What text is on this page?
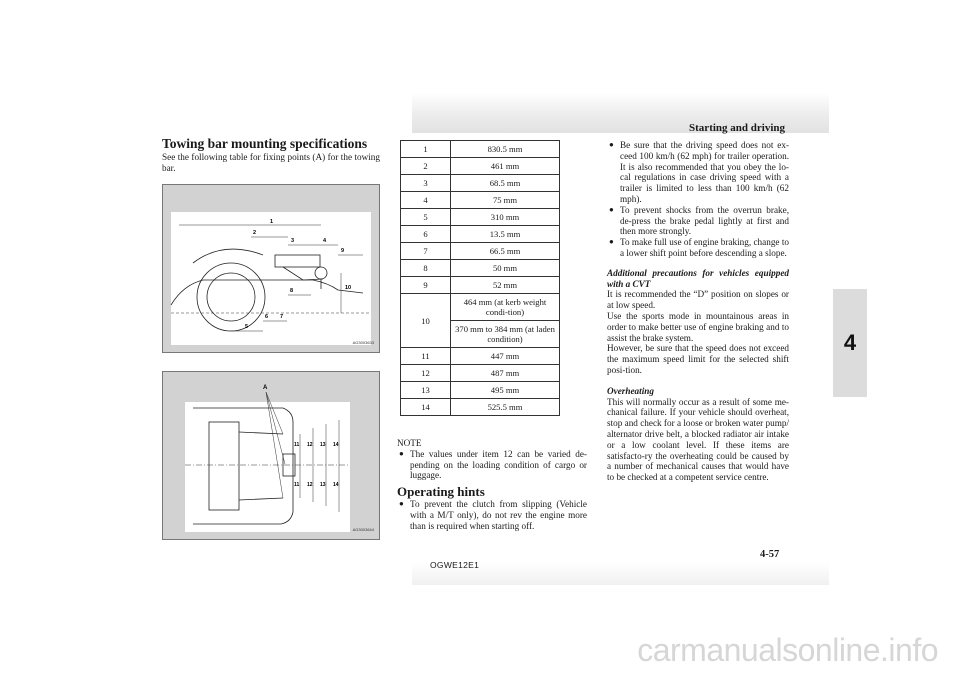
Starting and driving
4
Towing bar mounting specifications

See the following table for fixing points (A) for the towing bar.

1
2
3	4
5
6 7
8
9
10
AG3003633
A
11 12 13 14
11 12 13 14
AG3003644
1	830.5 mm
2	461 mm
3	68.5 mm
4	75 mm
5	310 mm
6	13.5 mm
7	66.5 mm
8	50 mm
9	52 mm
10	464 mm (at kerb weight condi-tion)
	370 mm to 384 mm (at laden condition)
11	447 mm
12	487 mm
13	495 mm
14	525.5 mm
NOTE
● The values under item 12 can be varied de-pending on the loading condition of cargo or luggage.
Operating hints
● To prevent the clutch from slipping (Vehicle with a M/T only), do not rev the engine more than is required when starting off.
● Be sure that the driving speed does not ex-ceed 100 km/h (62 mph) for trailer operation. It is also recommended that you obey the lo-cal regulations in case driving speed with a trailer is limited to less than 100 km/h (62 mph).
● To prevent shocks from the overrun brake, de-press the brake pedal lightly at first and then more strongly.
● To make full use of engine braking, change to a lower shift point before descending a slope.

Additional precautions for vehicles equipped with a CVT

It is recommended the “D” position on slopes or at low speed.

Use the sports mode in mountainous areas in order to make better use of engine braking and to assist the brake system.

However, be sure that the speed does not exceed the maximum speed limit for the selected shift posi-tion.

Overheating

This will normally occur as a result of some me-chanical failure. If your vehicle should overheat, stop and check for a loose or broken water pump/ alternator drive belt, a blocked radiator air intake or a low coolant level. If these items are satisfacto-ry the overheating could be caused by a number of mechanical causes that would have to be checked at a competent service centre.

OGWE12E1
4-57
carmanualsonline.info
